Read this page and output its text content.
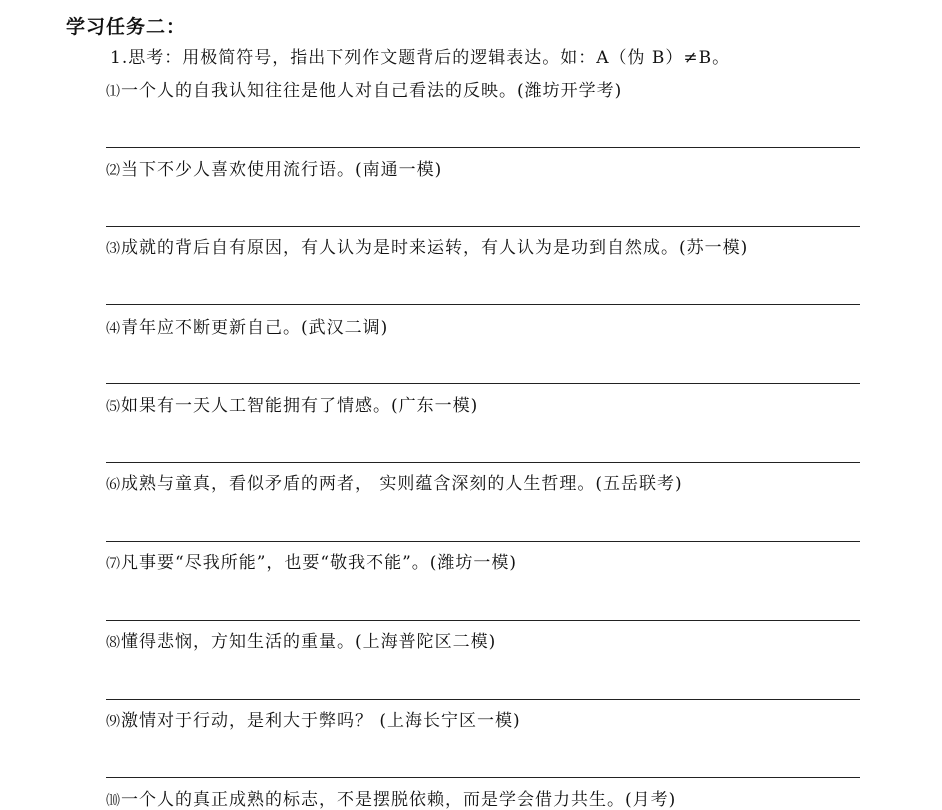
学习任务二：
1.思考：用极简符号，指出下列作文题背后的逻辑表达。如：A（伪 B）≠B。
⑴一个人的自我认知往往是他人对自己看法的反映。(潍坊开学考)
⑵当下不少人喜欢使用流行语。(南通一模)
⑶成就的背后自有原因，有人认为是时来运转，有人认为是功到自然成。(苏一模)
⑷青年应不断更新自己。(武汉二调)
⑸如果有一天人工智能拥有了情感。(广东一模)
⑹成熟与童真，看似矛盾的两者， 实则蕴含深刻的人生哲理。(五岳联考)
⑺凡事要“尽我所能”，也要“敬我不能”。(潍坊一模)
⑻懂得悲悯，方知生活的重量。(上海普陀区二模)
⑼激情对于行动，是利大于弊吗？ (上海长宁区一模)
⑽一个人的真正成熟的标志，不是摆脱依赖，而是学会借力共生。(月考)
